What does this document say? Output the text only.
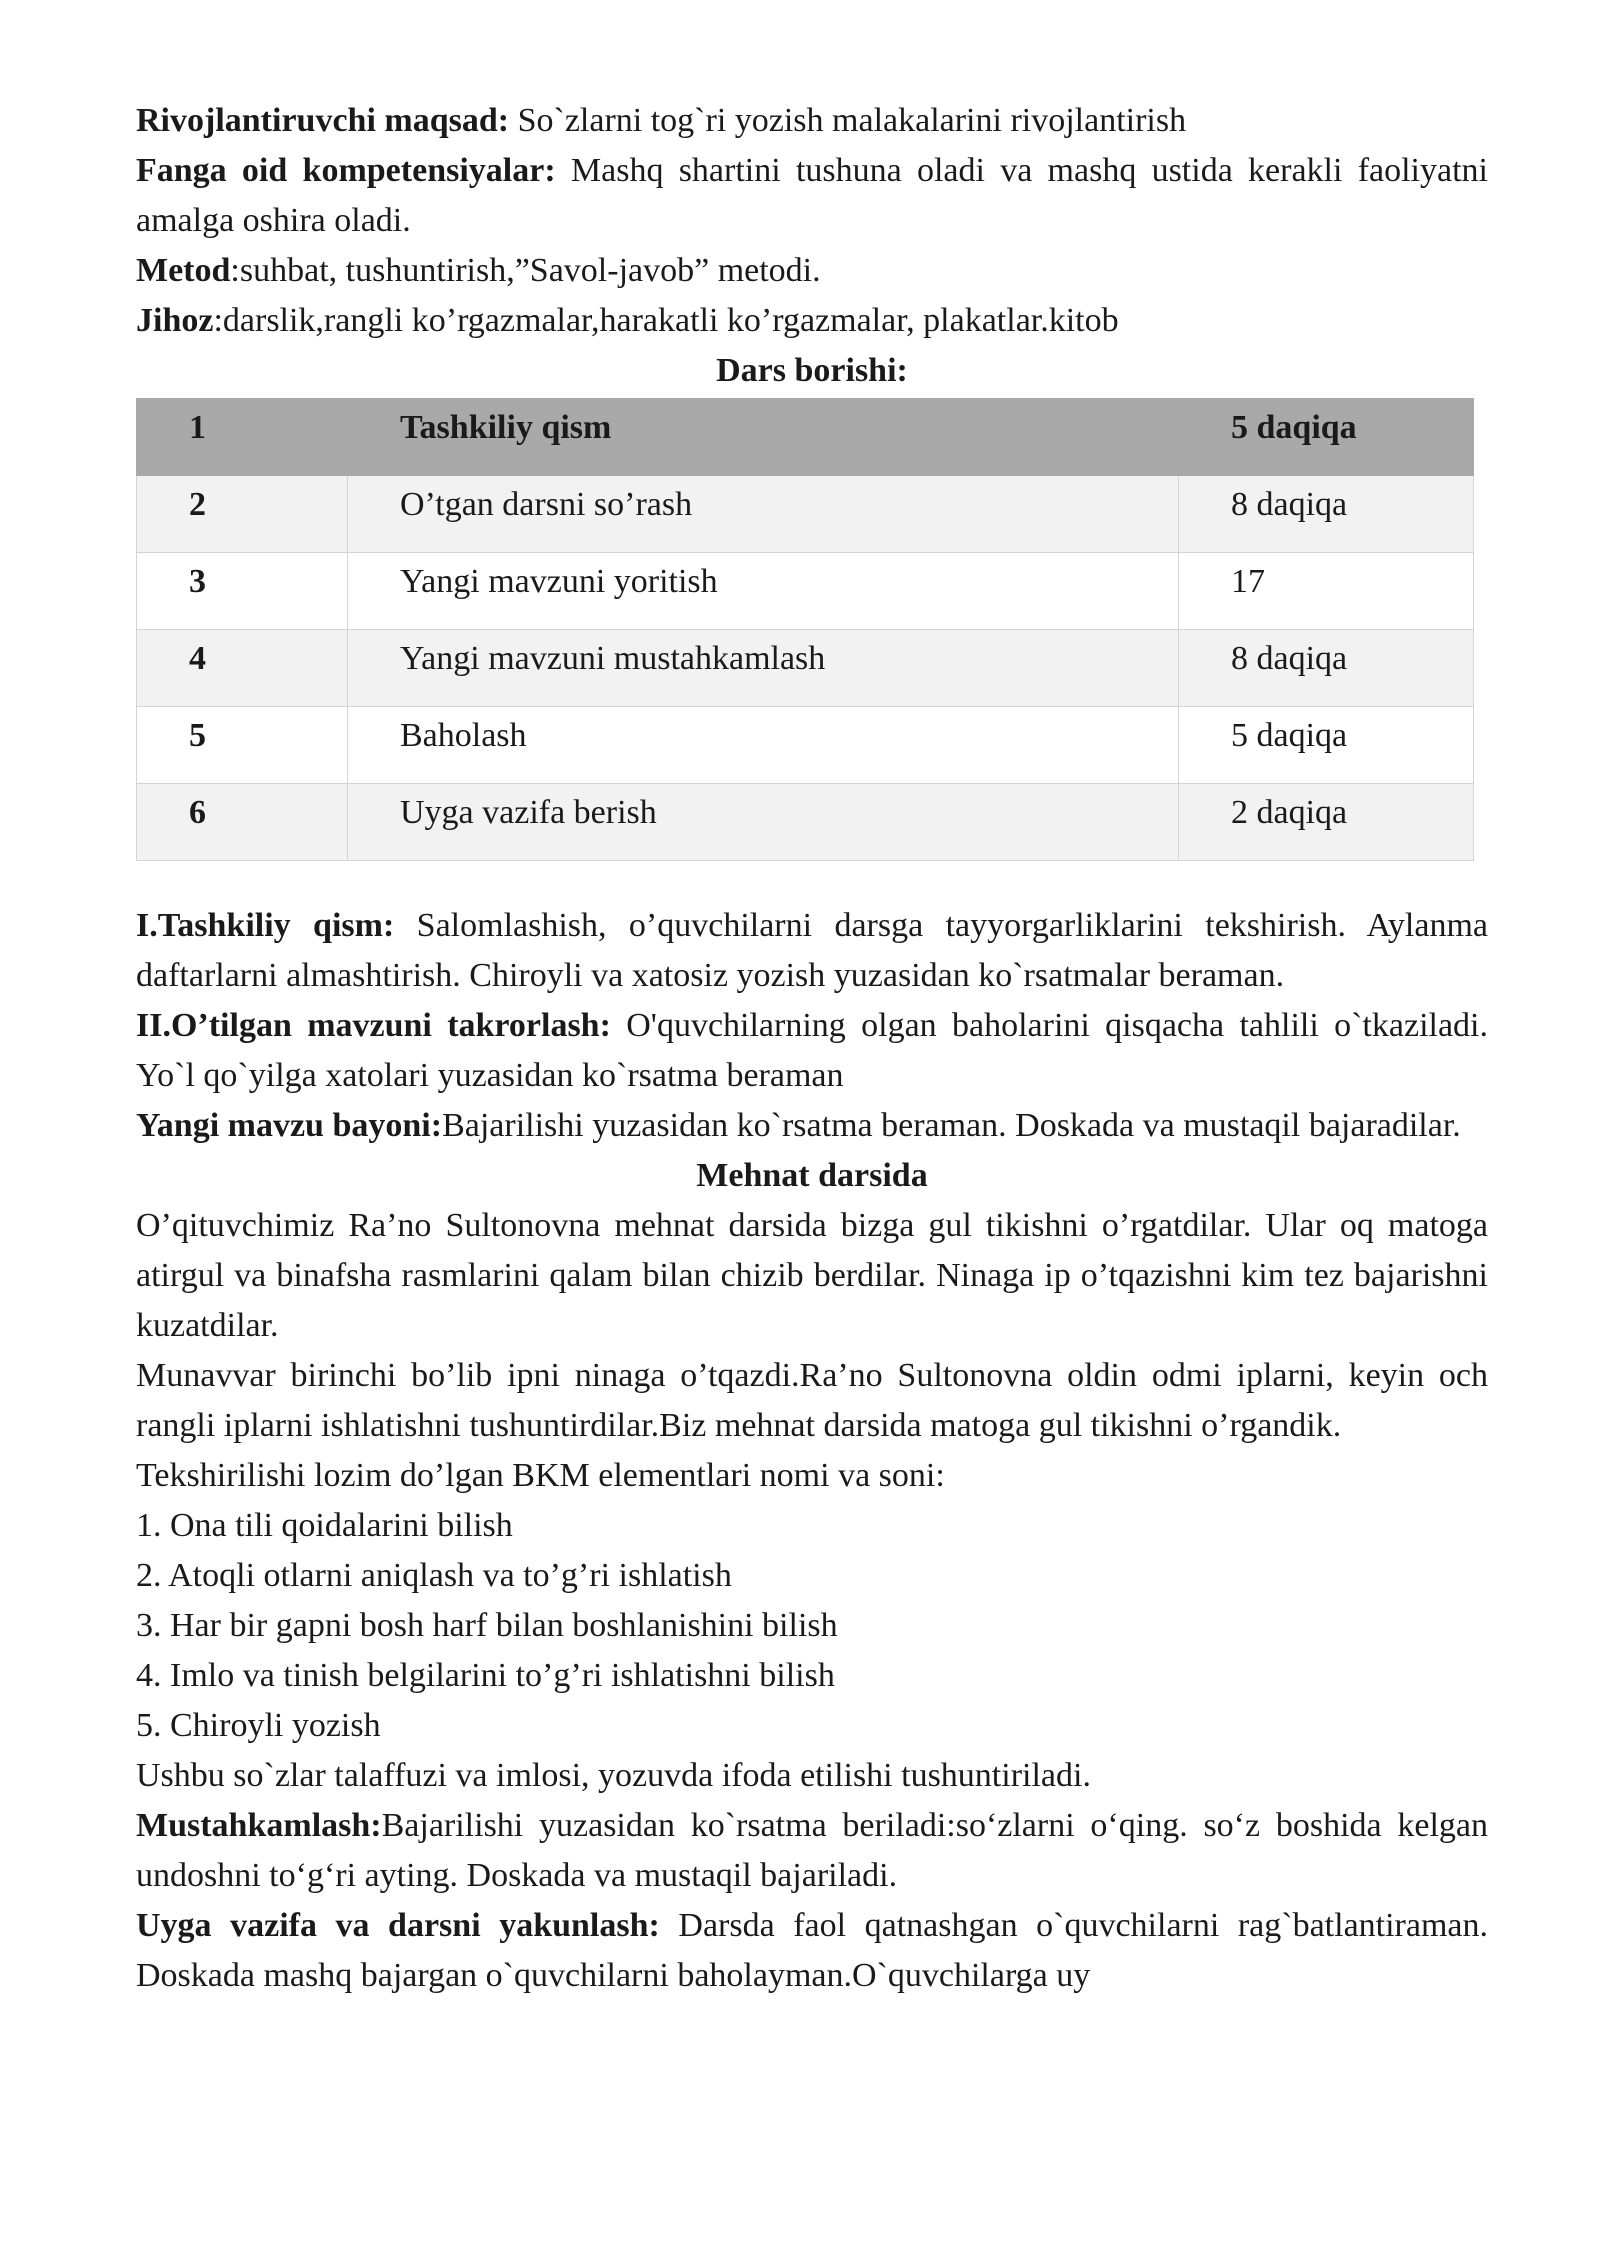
Rivojlantiruvchi maqsad: So`zlarni tog`ri yozish malakalarini rivojlantirish

Fanga oid kompetensiyalar: Mashq shartini tushuna oladi va mashq ustida kerakli faoliyatni amalga oshira oladi.

Metod:suhbat, tushuntirish,”Savol-javob” metodi.

Jihoz:darslik,rangli ko’rgazmalar,harakatli ko’rgazmalar, plakatlar.kitob

Dars borishi:

1	Tashkiliy qism	5 daqiqa

2	O’tgan darsni so’rash	8 daqiqa

3	Yangi mavzuni yoritish	17

4	Yangi mavzuni mustahkamlash	8 daqiqa

5	Baholash	5 daqiqa

6	Uyga vazifa berish	2 daqiqa

I.Tashkiliy qism: Salomlashish, o’quvchilarni darsga tayyorgarliklarini tekshirish. Aylanma daftarlarni almashtirish. Chiroyli va xatosiz yozish yuzasidan ko`rsatmalar beraman.

II.O’tilgan mavzuni takrorlash: O'quvchilarning olgan baholarini qisqacha tahlili o`tkaziladi. Yo`l qo`yilga xatolari yuzasidan ko`rsatma beraman

Yangi mavzu bayoni:Bajarilishi yuzasidan ko`rsatma beraman. Doskada va mustaqil bajaradilar.

Mehnat darsida

O’qituvchimiz Ra’no Sultonovna mehnat darsida bizga gul tikishni o’rgatdilar. Ular oq matoga atirgul va binafsha rasmlarini qalam bilan chizib berdilar. Ninaga ip o’tqazishni kim tez bajarishni kuzatdilar.

Munavvar birinchi bo’lib ipni ninaga o’tqazdi.Ra’no Sultonovna oldin odmi iplarni, keyin och rangli iplarni ishlatishni tushuntirdilar.Biz mehnat darsida matoga gul tikishni o’rgandik.

Tekshirilishi lozim do’lgan BKM elementlari nomi va soni:

1. Ona tili qoidalarini bilish

2. Atoqli otlarni aniqlash va to’g’ri ishlatish

3. Har bir gapni bosh harf bilan boshlanishini bilish

4. Imlo va tinish belgilarini to’g’ri ishlatishni bilish

5. Chiroyli yozish

Ushbu so`zlar talaffuzi va imlosi, yozuvda ifoda etilishi tushuntiriladi.

Mustahkamlash:Bajarilishi yuzasidan ko`rsatma beriladi:so‘zlarni o‘qing. so‘z boshida kelgan undoshni to‘g‘ri ayting. Doskada va mustaqil bajariladi.

Uyga vazifa va darsni yakunlash: Darsda faol qatnashgan o`quvchilarni rag`batlantiraman. Doskada mashq bajargan o`quvchilarni baholayman.O`quvchilarga uy
